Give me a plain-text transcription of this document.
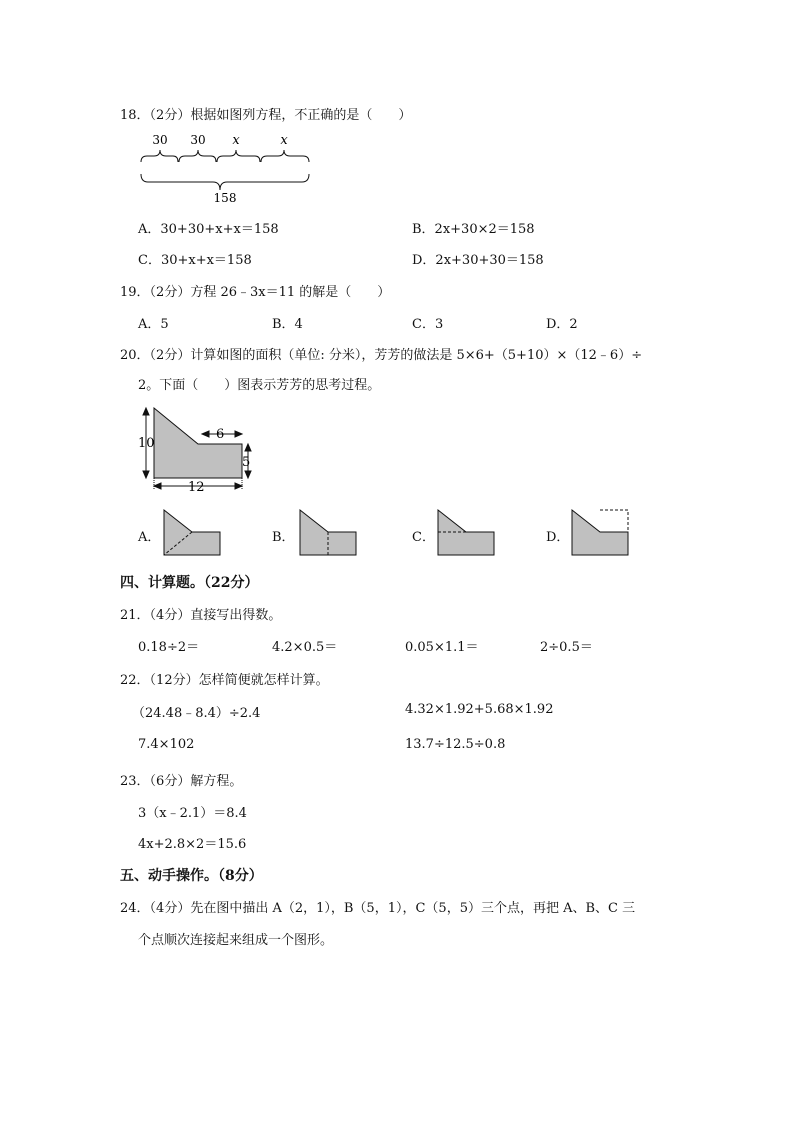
18．（2分）根据如图列方程，不正确的是（　　）
30 30 x	x
158
A．30+30+x+x＝158	B．2x+30×2＝158
C．30+x+x＝158	D．2x+30+30＝158
19．（2分）方程 26﹣3x＝11 的解是（　　）
A．5	B．4	C．3	D．2
20．（2分）计算如图的面积（单位: 分米），芳芳的做法是 5×6+（5+10）×（12﹣6）÷
2。下面（　　）图表示芳芳的思考过程。
10
6
5
12
A．	B．	C．	D．
四、计算题。（22分）
21．（4分）直接写出得数。
0.18÷2＝	4.2×0.5＝	0.05×1.1＝	2÷0.5＝
22．（12分）怎样简便就怎样计算。
（24.48﹣8.4）÷2.4	4.32×1.92+5.68×1.92
7.4×102	13.7÷12.5÷0.8
23．（6分）解方程。
3（x﹣2.1）＝8.4
4x+2.8×2＝15.6
五、动手操作。（8分）
24．（4分）先在图中描出 A（2，1），B（5，1），C（5，5）三个点，再把 A、B、C 三
个点顺次连接起来组成一个图形。
